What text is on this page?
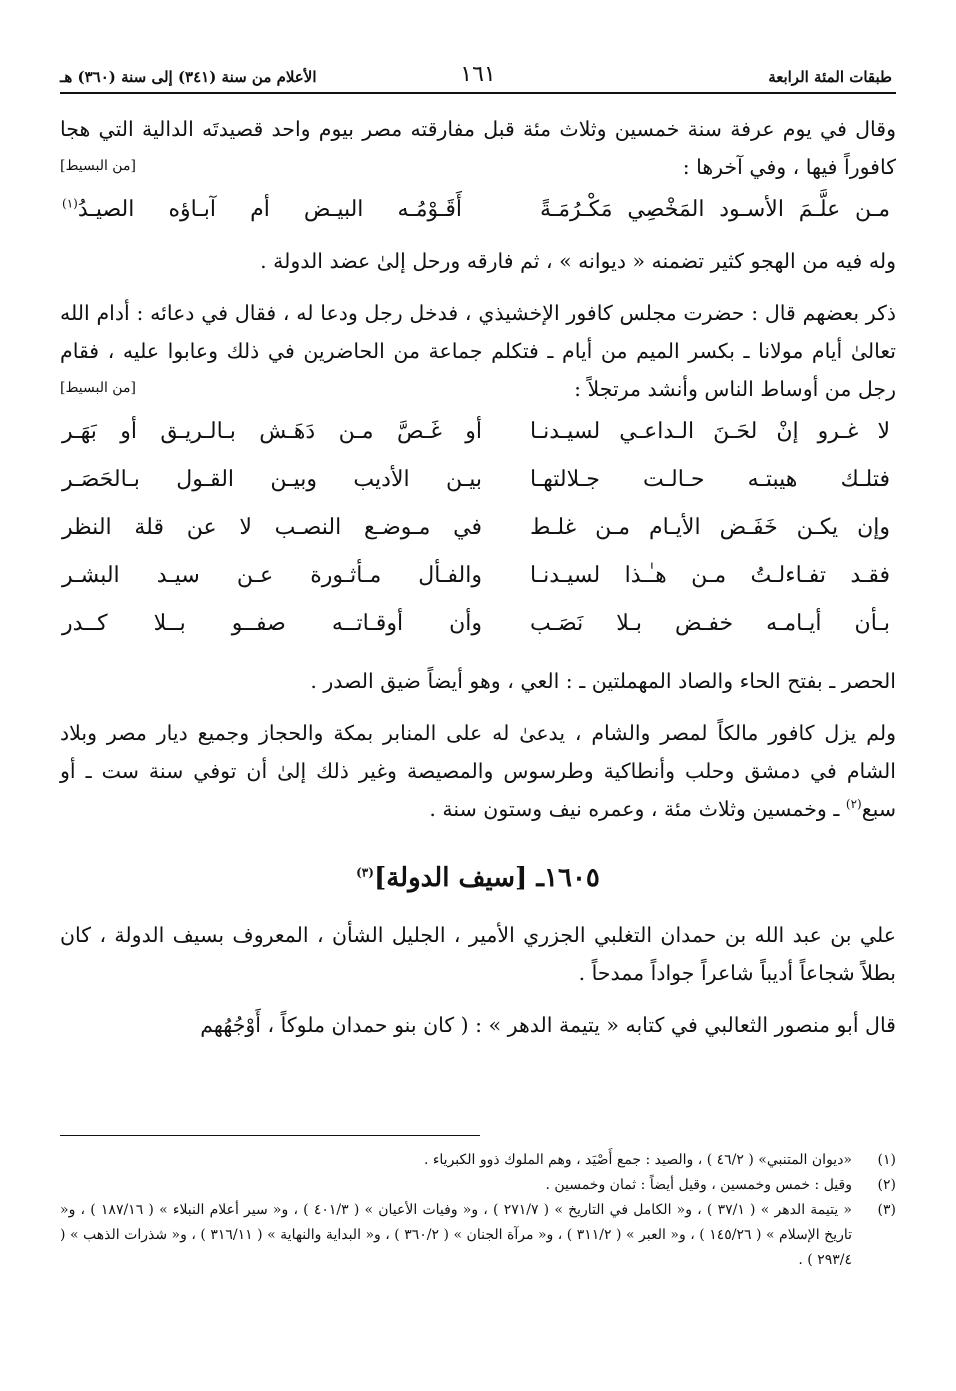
طبقات المئة الرابعة
١٦١
الأعلام من سنة (٣٤١) إلى سنة (٣٦٠) هـ

وقال في يوم عرفة سنة خمسين وثلاث مئة قبل مفارقته مصر بيوم واحد قصيدتَه الدالية التي هجا كافوراً فيها ، وفي آخرها :

[من البسيط]
مـن علَّـمَ الأسـود المَخْصِي مَكْـرُمَـةً
أَقَـوْمُـه البيـض أم آبـاؤه الصيـدُ$^{(١)}$

وله فيه من الهجو كثير تضمنه « ديوانه » ، ثم فارقه ورحل إلىٰ عضد الدولة .

ذكر بعضهم قال : حضرت مجلس كافور الإخشيذي ، فدخل رجل ودعا له ، فقال في دعائه : أدام الله تعالىٰ أيام مولانا ـ بكسر الميم من أيام ـ فتكلم جماعة من الحاضرين في ذلك وعابوا عليه ، فقام رجل من أوساط الناس وأنشد مرتجلاً :

[من البسيط]
لا غـرو إنْ لحَـنَ الـداعـي لسيـدنـا
أو غَـصَّ مـن دَهَـش بـالـريـق أو بَهَـر
فتلـك هيبتـه حـالـت جـلالتهـا
بيـن الأديب وبيـن القـول بـالحَصَـر
وإن يكـن خَفَـض الأيـام مـن غلـط
في مـوضـع النصـب لا عن قلة النظر
فقـد تفـاءلـتُ مـن هـٰـذا لسيـدنـا
والفـأل مـأثـورة عـن سيـد البشـر
بـأن أيـامـه خفـض بـلا نَصَـب
وأن أوقـاتــه صفــو بــلا كــدر

الحصر ـ بفتح الحاء والصاد المهملتين ـ : العي ، وهو أيضاً ضيق الصدر .

ولم يزل كافور مالكاً لمصر والشام ، يدعىٰ له على المنابر بمكة والحجاز وجميع ديار مصر وبلاد الشام في دمشق وحلب وأنطاكية وطرسوس والمصيصة وغير ذلك إلىٰ أن توفي سنة ست ـ أو سبع$^{(٢)}$ ـ وخمسين وثلاث مئة ، وعمره نيف وستون سنة .

١٦٠٥ـ [سيف الدولة]$^{(٣)}$

علي بن عبد الله بن حمدان التغلبي الجزري الأمير ، الجليل الشأن ، المعروف بسيف الدولة ، كان بطلاً شجاعاً أديباً شاعراً جواداً ممدحاً .

قال أبو منصور الثعالبي في كتابه « يتيمة الدهر » : ( كان بنو حمدان ملوكاً ، أَوْجُهُهم

(١)
«ديوان المتنبي» ( ٤٦/٢ ) ، والصيد : جمع أَصْيَد ، وهم الملوك ذوو الكبرياء .
(٢)
وقيل : خمس وخمسين ، وقيل أيضاً : ثمان وخمسين .
(٣)
« يتيمة الدهر » ( ٣٧/١ ) ، و« الكامل في التاريخ » ( ٢٧١/٧ ) ، و« وفيات الأعيان » ( ٤٠١/٣ ) ، و« سير أعلام النبلاء » ( ١٨٧/١٦ ) ، و« تاريخ الإسلام » ( ١٤٥/٢٦ ) ، و« العبر » ( ٣١١/٢ ) ، و« مرآة الجنان » ( ٣٦٠/٢ ) ، و« البداية والنهاية » ( ٣١٦/١١ ) ، و« شذرات الذهب » ( ٢٩٣/٤ ) .
